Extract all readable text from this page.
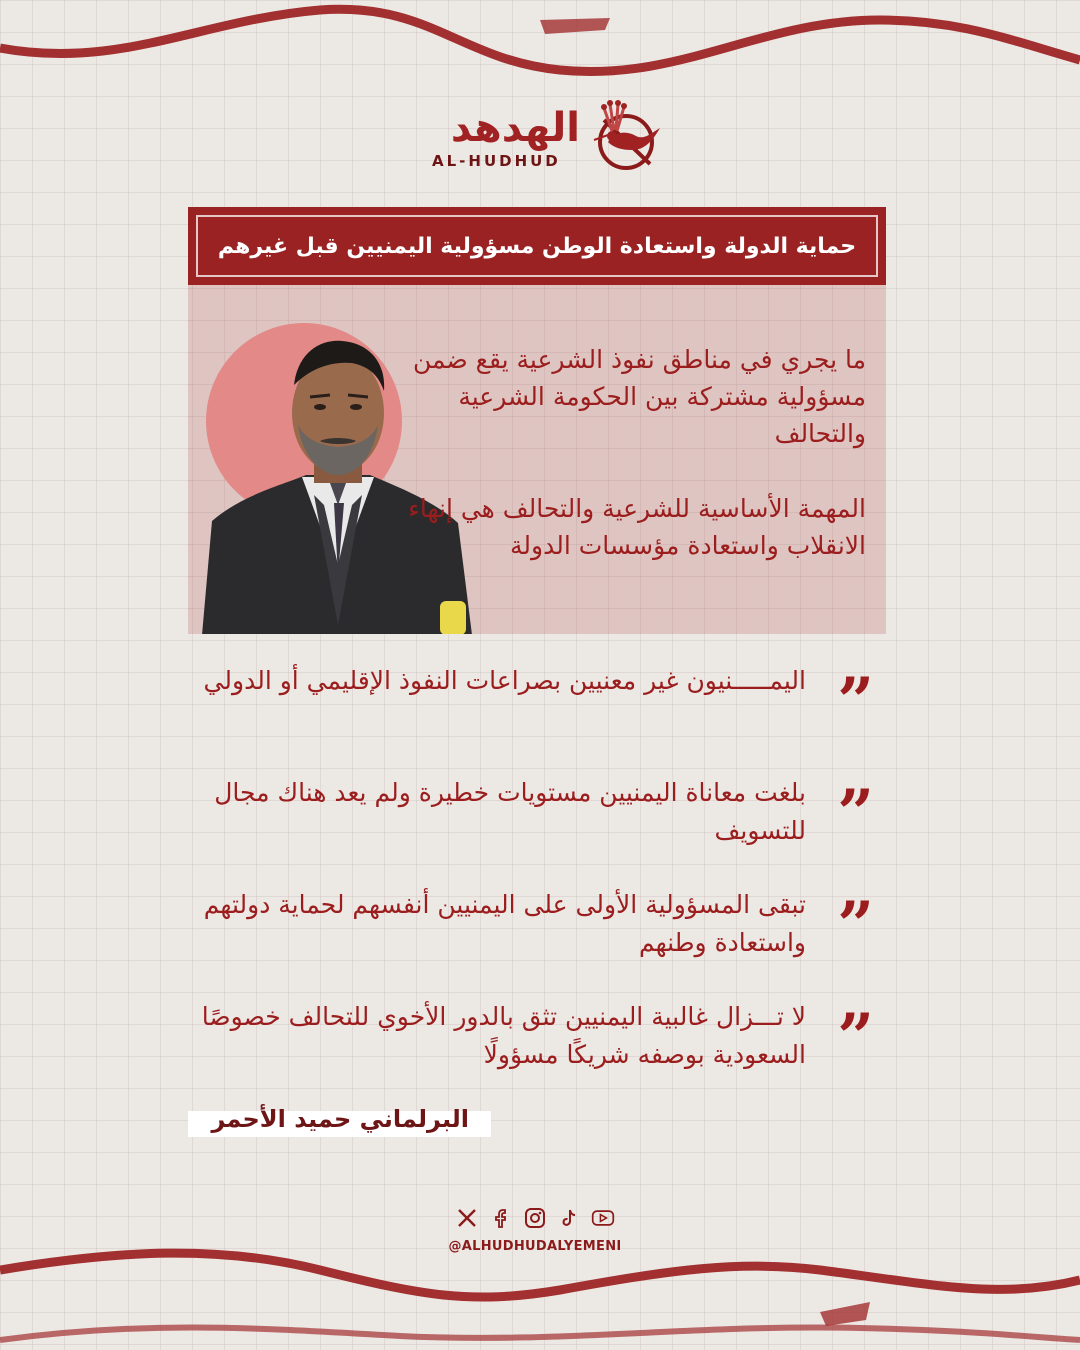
الهدهد
AL-HUDHUD
حماية الدولة واستعادة الوطن مسؤولية اليمنيين قبل غيرهم
ما يجري في مناطق نفوذ الشرعية يقع ضمن مسؤولية مشتركة بين الحكومة الشرعية والتحالف
المهمة الأساسية للشرعية والتحالف هي إنهاء الانقلاب واستعادة مؤسسات الدولة
”
اليمـــــنيون غير معنيين بصراعات النفوذ الإقليمي أو الدولي
”
بلغت معاناة اليمنيين مستويات خطيرة ولم يعد هناك مجال للتسويف
”
تبقى المسؤولية الأولى على اليمنيين أنفسهم لحماية دولتهم واستعادة وطنهم
”
لا تـــزال غالبية اليمنيين تثق بالدور الأخوي للتحالف خصوصًا السعودية بوصفه شريكًا مسؤولًا
البرلماني حميد الأحمر
@ALHUDHUDALYEMENI
